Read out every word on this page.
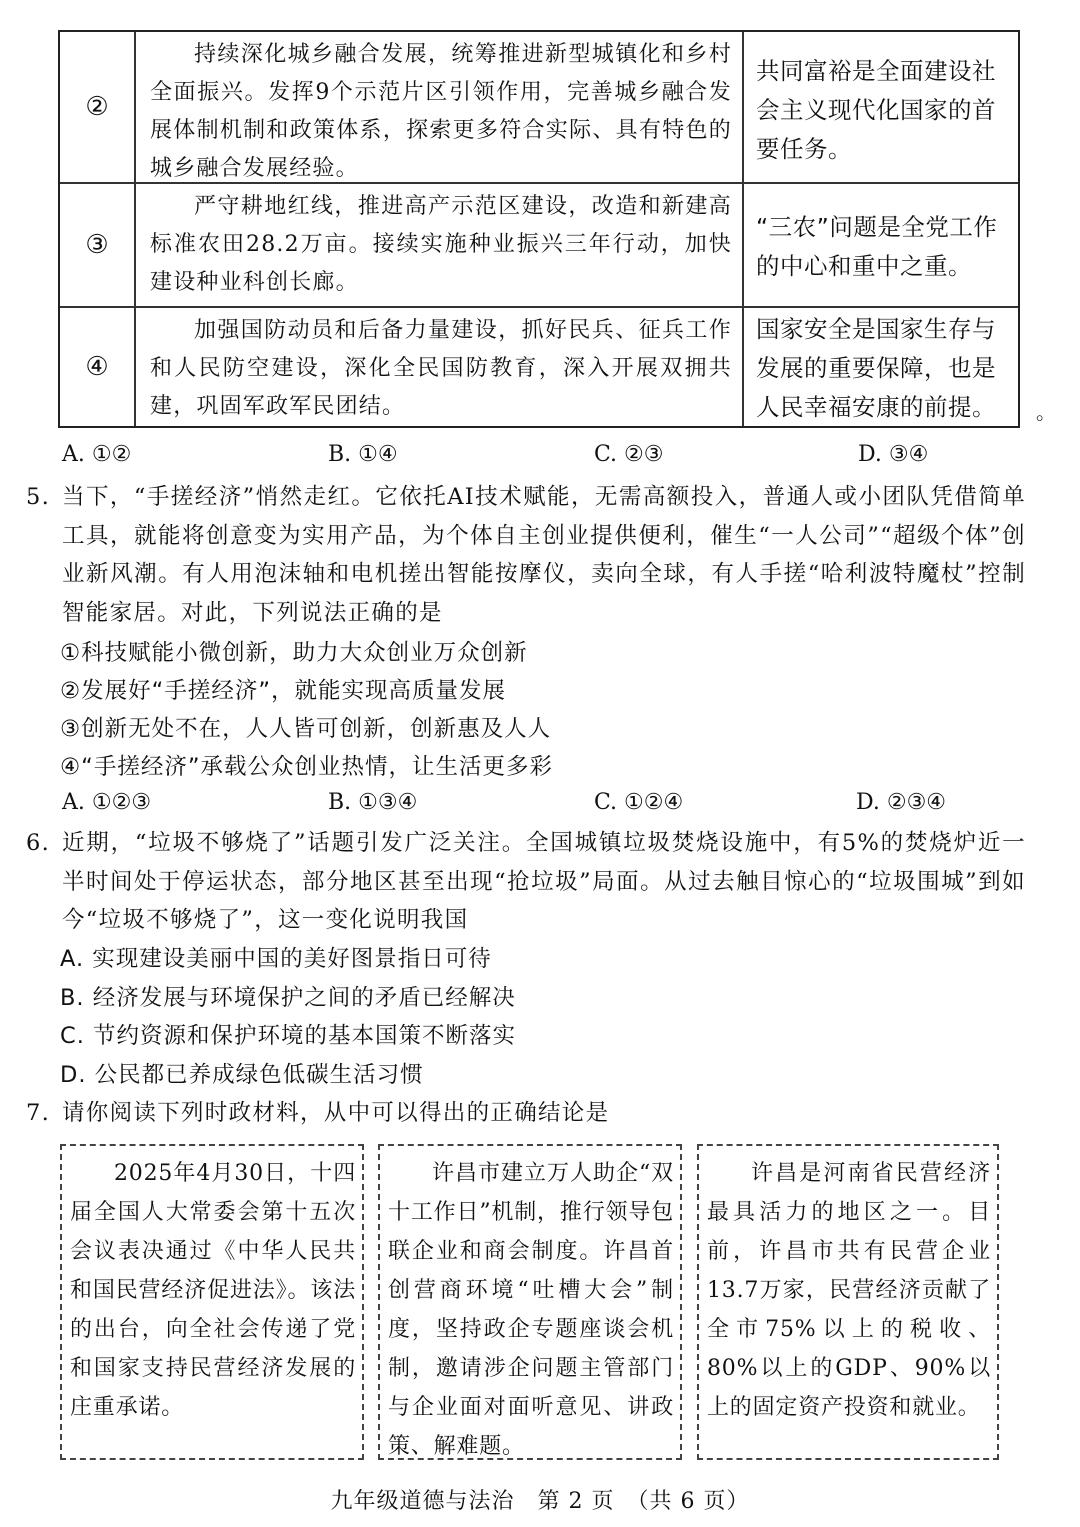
②
持续深化城乡融合发展，统筹推进新型城镇化和乡村全面振兴。发挥9个示范片区引领作用，完善城乡融合发展体制机制和政策体系，探索更多符合实际、具有特色的城乡融合发展经验。
共同富裕是全面建设社会主义现代化国家的首要任务。
③
严守耕地红线，推进高产示范区建设，改造和新建高标准农田28.2万亩。接续实施种业振兴三年行动，加快建设种业科创长廊。
“三农”问题是全党工作的中心和重中之重。
④
加强国防动员和后备力量建设，抓好民兵、征兵工作和人民防空建设，深化全民国防教育，深入开展双拥共建，巩固军政军民团结。
国家安全是国家生存与发展的重要保障，也是人民幸福安康的前提。	。
A. ①②	B. ①④	C. ②③	D. ③④
5. 当下，“手搓经济”悄然走红。它依托AI技术赋能，无需高额投入，普通人或小团队凭借简单工具，就能将创意变为实用产品，为个体自主创业提供便利，催生“一人公司”“超级个体”创业新风潮。有人用泡沫轴和电机搓出智能按摩仪，卖向全球，有人手搓“哈利波特魔杖”控制智能家居。对此，下列说法正确的是
①科技赋能小微创新，助力大众创业万众创新
②发展好“手搓经济”，就能实现高质量发展
③创新无处不在，人人皆可创新，创新惠及人人
④“手搓经济”承载公众创业热情，让生活更多彩
A. ①②③	B. ①③④	C. ①②④	D. ②③④
6. 近期，“垃圾不够烧了”话题引发广泛关注。全国城镇垃圾焚烧设施中，有5%的焚烧炉近一半时间处于停运状态，部分地区甚至出现“抢垃圾”局面。从过去触目惊心的“垃圾围城”到如今“垃圾不够烧了”，这一变化说明我国
A. 实现建设美丽中国的美好图景指日可待
B. 经济发展与环境保护之间的矛盾已经解决
C. 节约资源和保护环境的基本国策不断落实
D. 公民都已养成绿色低碳生活习惯
7. 请你阅读下列时政材料，从中可以得出的正确结论是
2025年4月30日，十四届全国人大常委会第十五次会议表决通过《中华人民共和国民营经济促进法》。该法的出台，向全社会传递了党和国家支持民营经济发展的庄重承诺。
许昌市建立万人助企“双十工作日”机制，推行领导包联企业和商会制度。许昌首创营商环境“吐槽大会”制度，坚持政企专题座谈会机制，邀请涉企问题主管部门与企业面对面听意见、讲政策、解难题。
许昌是河南省民营经济最具活力的地区之一。目前，许昌市共有民营企业13.7万家，民营经济贡献了全市75%以上的税收、80%以上的GDP、90%以上的固定资产投资和就业。
九年级道德与法治　第 2 页　（共 6 页）
